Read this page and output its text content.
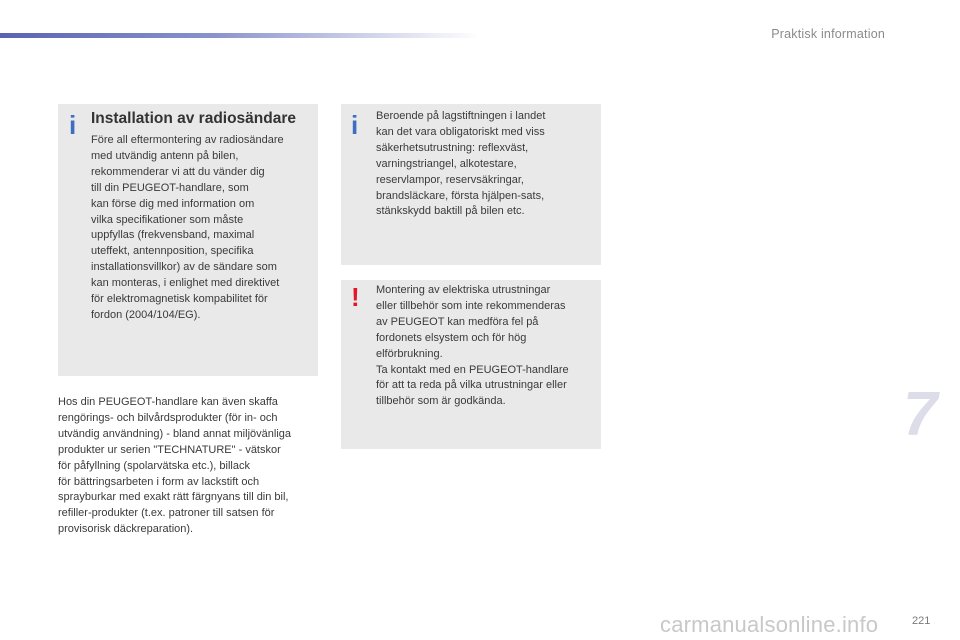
Praktisk information
i Installation av radiosändare
Före all eftermontering av radiosändare
med utvändig antenn på bilen,
rekommenderar vi att du vänder dig
till din PEUGEOT-handlare, som
kan förse dig med information om
vilka specifikationer som måste
uppfyllas (frekvensband, maximal
uteffekt, antennposition, specifika
installationsvillkor) av de sändare som
kan monteras, i enlighet med direktivet
för elektromagnetisk kompabilitet för
fordon (2004/104/EG).
Hos din PEUGEOT-handlare kan även skaffa
rengörings- och bilvårdsprodukter (för in- och
utvändig användning) - bland annat miljövänliga
produkter ur serien "TECHNATURE" - vätskor
för påfyllning (spolarvätska etc.), billack
för bättringsarbeten i form av lackstift och
sprayburkar med exakt rätt färgnyans till din bil,
refiller-produkter (t.ex. patroner till satsen för
provisorisk däckreparation).
i Beroende på lagstiftningen i landet
kan det vara obligatoriskt med viss
säkerhetsutrustning: reflexväst,
varningstriangel, alkotestare,
reservlampor, reservsäkringar,
brandsläckare, första hjälpen-sats,
stänkskydd baktill på bilen etc.
! Montering av elektriska utrustningar
eller tillbehör som inte rekommenderas
av PEUGEOT kan medföra fel på
fordonets elsystem och för hög
elförbrukning.
Ta kontakt med en PEUGEOT-handlare
för att ta reda på vilka utrustningar eller
tillbehör som är godkända.	7
carmanualsonline.info	221
